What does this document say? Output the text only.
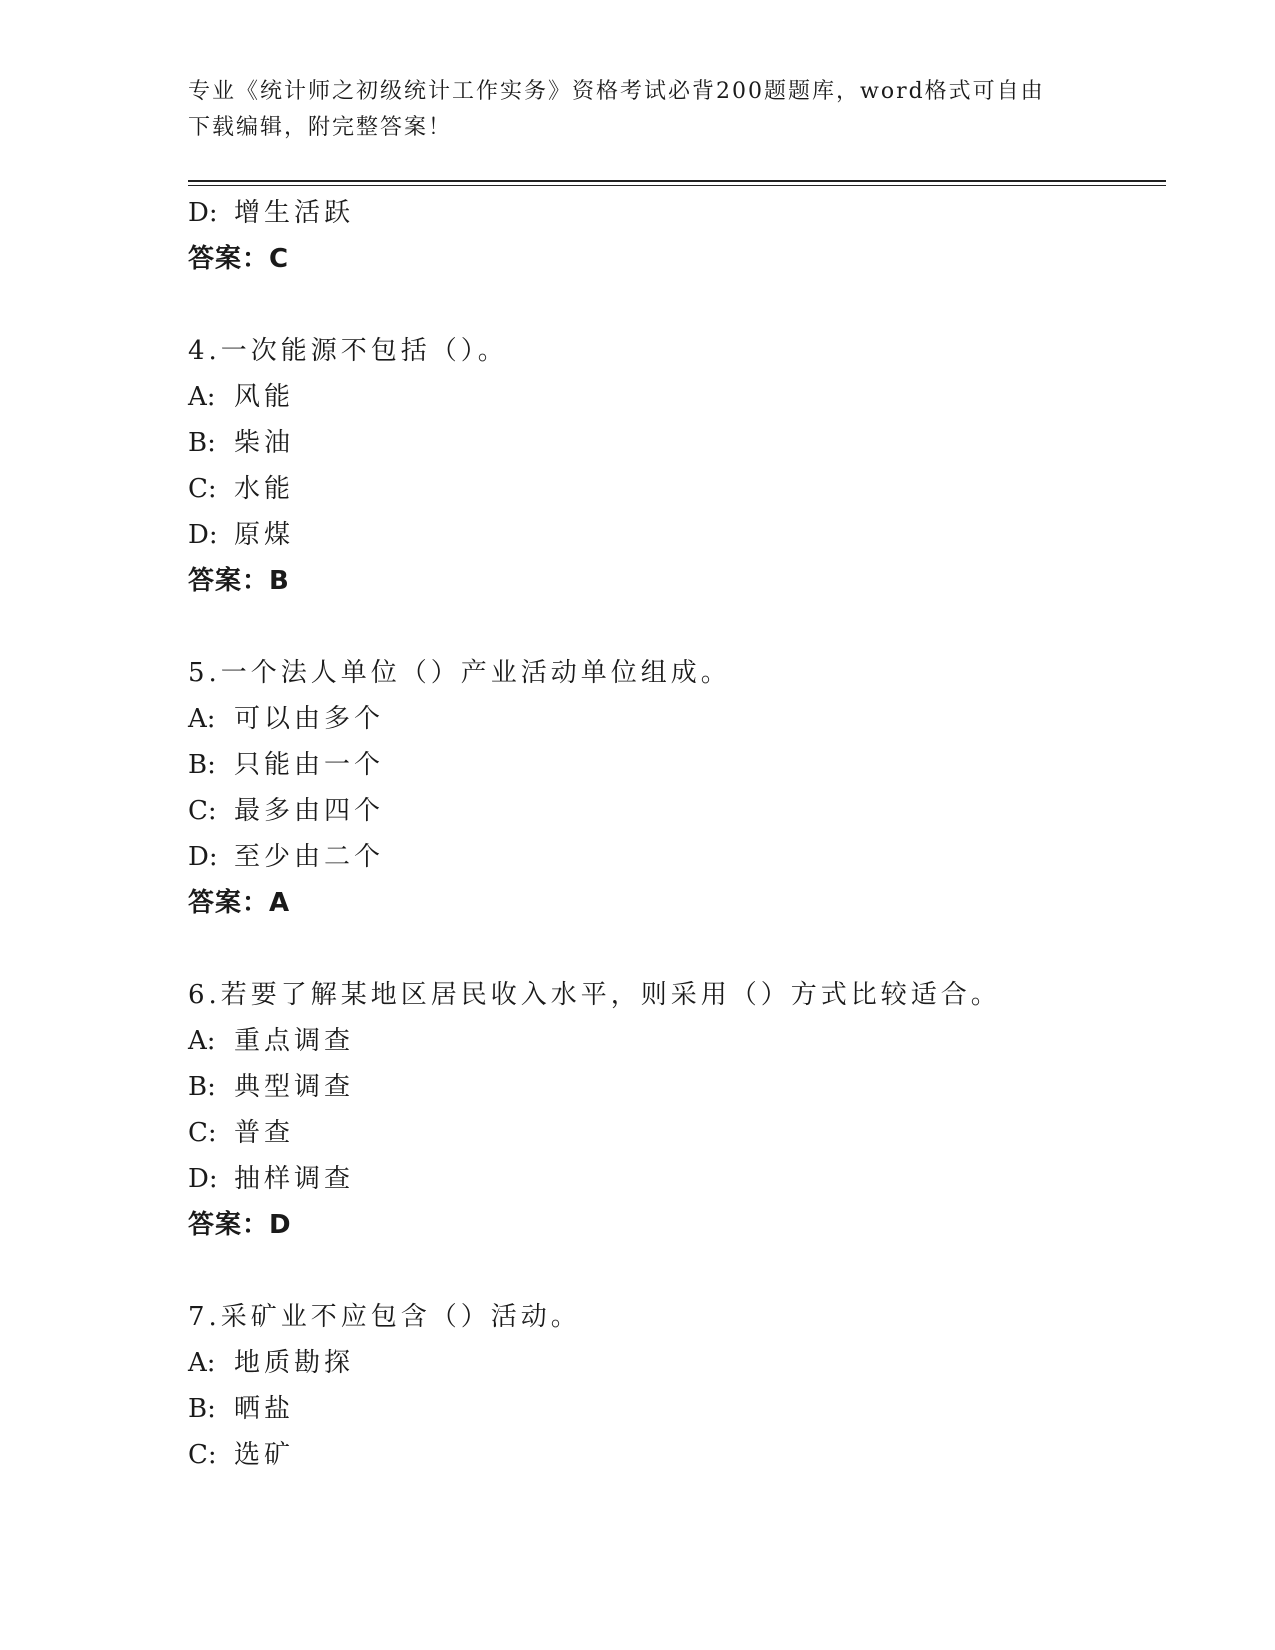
专业《统计师之初级统计工作实务》资格考试必背200题题库，word格式可自由
下载编辑，附完整答案！
D: 增生活跃
答案：C
4.一次能源不包括（）。
A: 风能
B: 柴油
C: 水能
D: 原煤
答案：B
5.一个法人单位（）产业活动单位组成。
A: 可以由多个
B: 只能由一个
C: 最多由四个
D: 至少由二个
答案：A
6.若要了解某地区居民收入水平，则采用（）方式比较适合。
A: 重点调查
B: 典型调查
C: 普查
D: 抽样调查
答案：D
7.采矿业不应包含（）活动。
A: 地质勘探
B: 晒盐
C: 选矿
